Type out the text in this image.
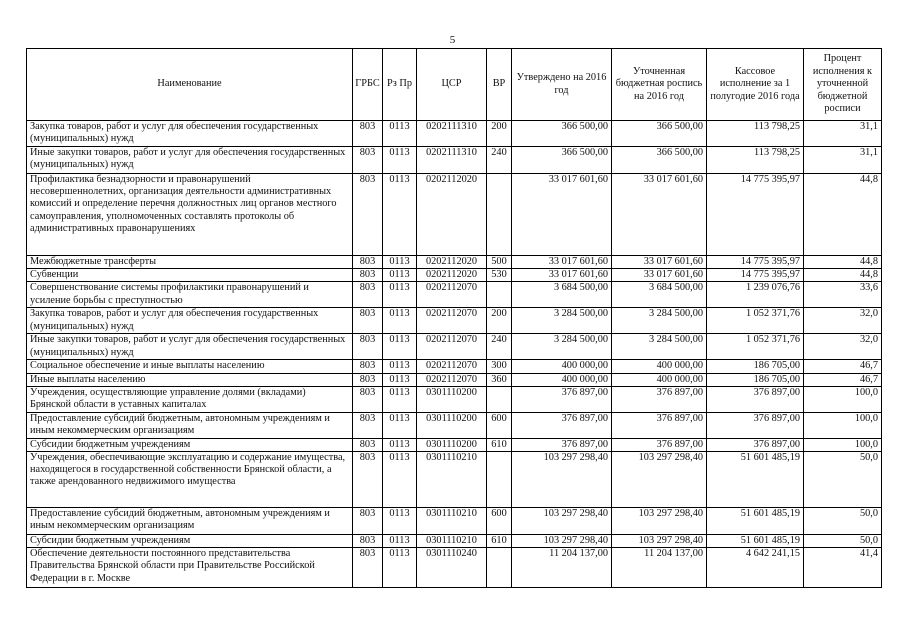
5
Наименование	ГРБС	Рз Пр	ЦСР	ВР	Утверждено на 2016 год	Уточненная бюджетная роспись на 2016 год	Кассовое исполнение за 1 полугодие 2016 года	Процент исполнения к уточненной бюджетной росписи
Закупка товаров, работ и услуг для обеспечения государственных (муниципальных) нужд	803	0113	0202111310	200	366 500,00	366 500,00	113 798,25	31,1
Иные закупки товаров, работ и услуг для обеспечения государственных (муниципальных) нужд	803	0113	0202111310	240	366 500,00	366 500,00	113 798,25	31,1
Профилактика безнадзорности и правонарушений несовершеннолетних, организация деятельности административных комиссий и определение перечня должностных лиц органов местного самоуправления, уполномоченных составлять протоколы об административных правонарушениях	803	0113	0202112020		33 017 601,60	33 017 601,60	14 775 395,97	44,8
Межбюджетные трансферты	803	0113	0202112020	500	33 017 601,60	33 017 601,60	14 775 395,97	44,8
Субвенции	803	0113	0202112020	530	33 017 601,60	33 017 601,60	14 775 395,97	44,8
Совершенствование системы профилактики правонарушений и усиление борьбы с преступностью	803	0113	0202112070		3 684 500,00	3 684 500,00	1 239 076,76	33,6
Закупка товаров, работ и услуг для обеспечения государственных (муниципальных) нужд	803	0113	0202112070	200	3 284 500,00	3 284 500,00	1 052 371,76	32,0
Иные закупки товаров, работ и услуг для обеспечения государственных (муниципальных) нужд	803	0113	0202112070	240	3 284 500,00	3 284 500,00	1 052 371,76	32,0
Социальное обеспечение и иные выплаты населению	803	0113	0202112070	300	400 000,00	400 000,00	186 705,00	46,7
Иные выплаты населению	803	0113	0202112070	360	400 000,00	400 000,00	186 705,00	46,7
Учреждения, осуществляющие управление долями (вкладами) Брянской области в уставных капиталах	803	0113	0301110200		376 897,00	376 897,00	376 897,00	100,0
Предоставление субсидий бюджетным, автономным учреждениям и иным некоммерческим организациям	803	0113	0301110200	600	376 897,00	376 897,00	376 897,00	100,0
Субсидии бюджетным учреждениям	803	0113	0301110200	610	376 897,00	376 897,00	376 897,00	100,0
Учреждения, обеспечивающие эксплуатацию и содержание имущества, находящегося в государственной собственности Брянской области, а также арендованного недвижимого имущества	803	0113	0301110210		103 297 298,40	103 297 298,40	51 601 485,19	50,0
Предоставление субсидий бюджетным, автономным учреждениям и иным некоммерческим организациям	803	0113	0301110210	600	103 297 298,40	103 297 298,40	51 601 485,19	50,0
Субсидии бюджетным учреждениям	803	0113	0301110210	610	103 297 298,40	103 297 298,40	51 601 485,19	50,0
Обеспечение деятельности постоянного представительства Правительства Брянской области при Правительстве Российской Федерации в г. Москве	803	0113	0301110240		11 204 137,00	11 204 137,00	4 642 241,15	41,4
